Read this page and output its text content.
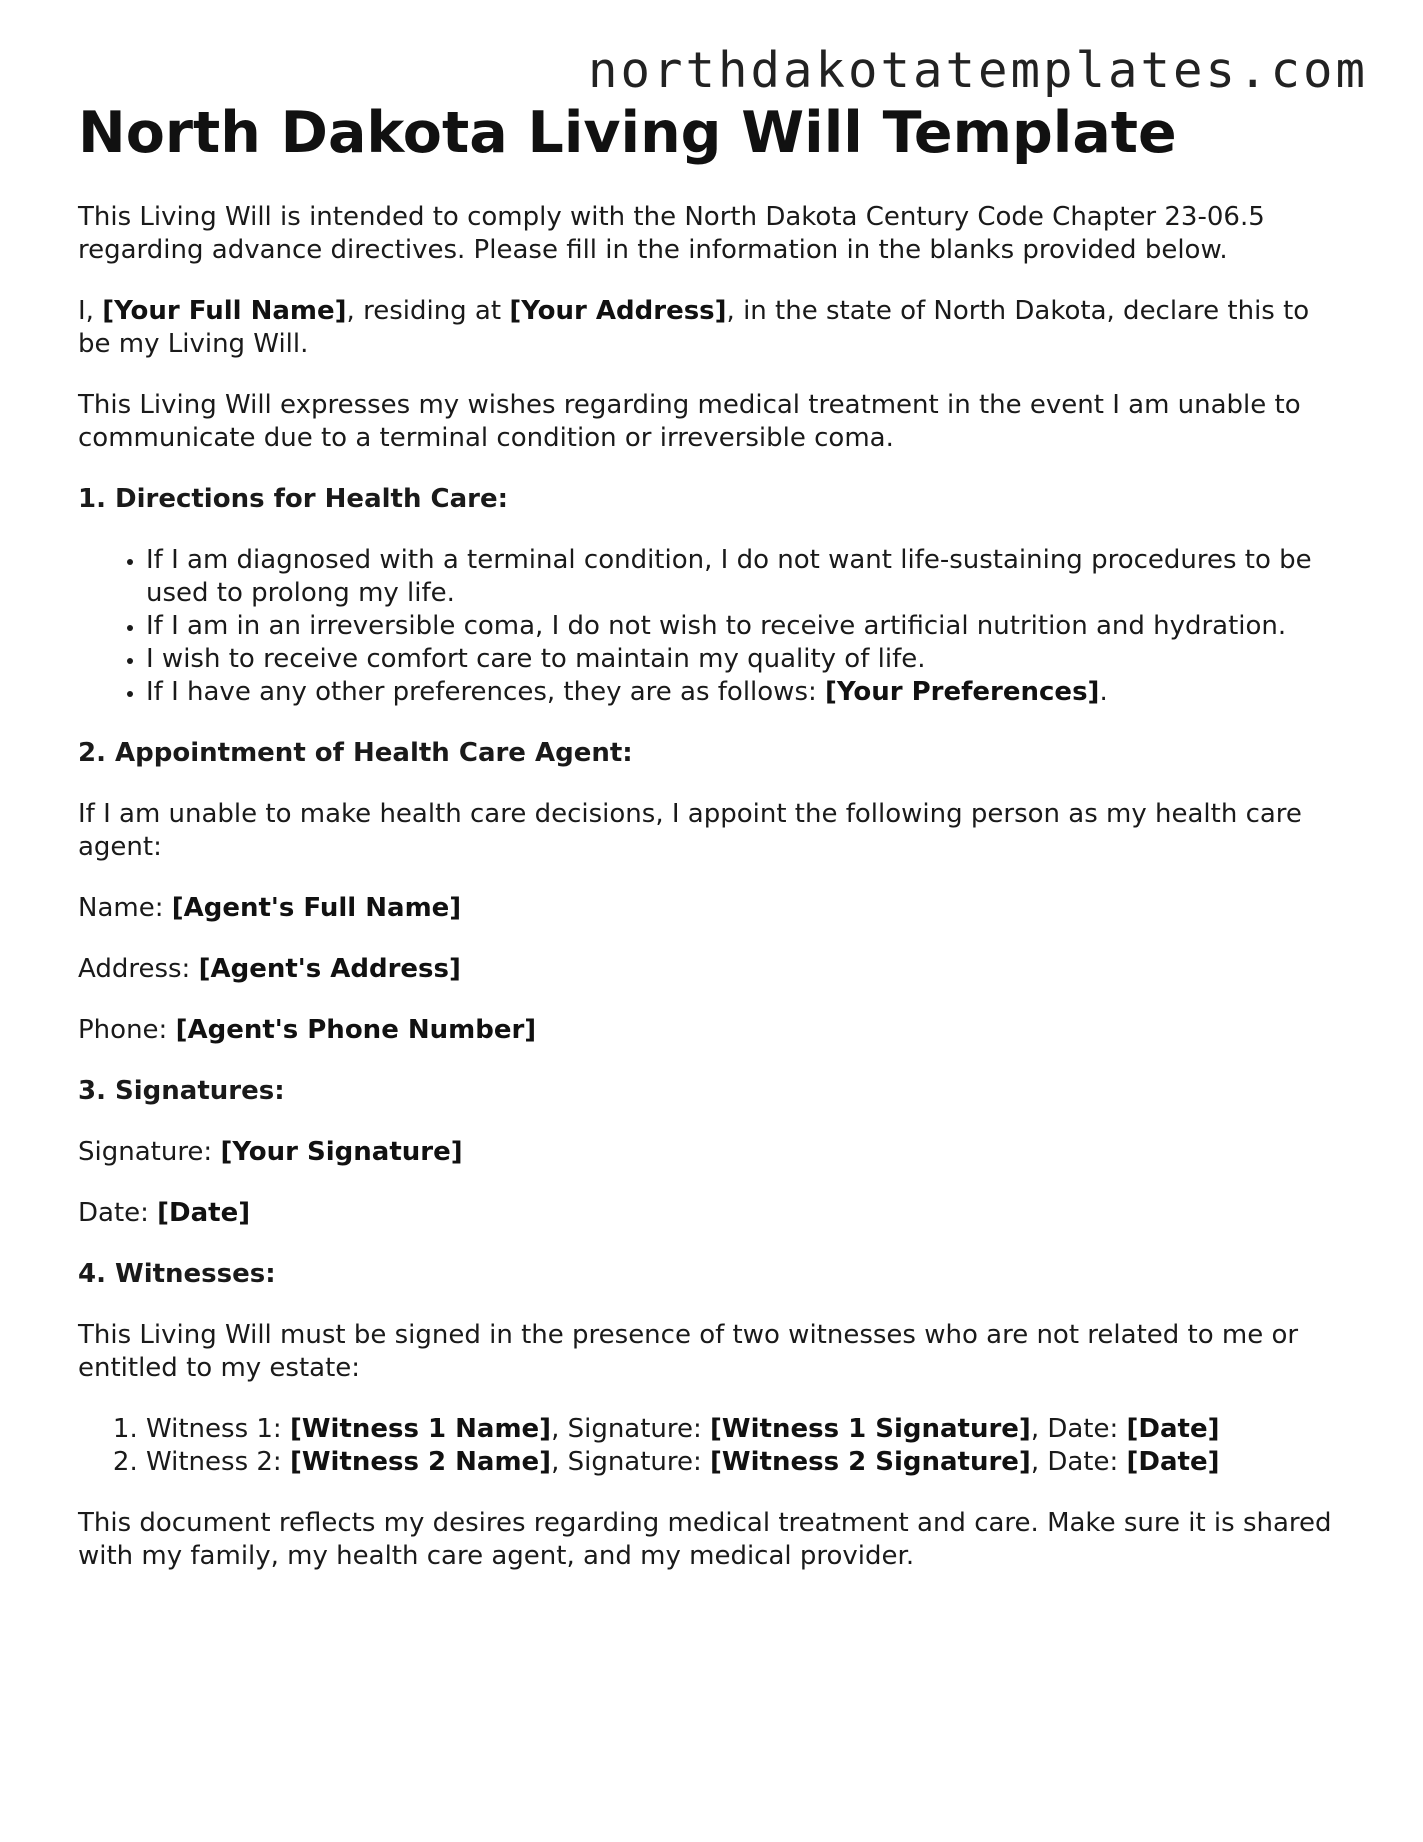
northdakotatemplates.com
North Dakota Living Will Template

This Living Will is intended to comply with the North Dakota Century Code Chapter 23-06.5 regarding advance directives. Please fill in the information in the blanks provided below.

I, [Your Full Name], residing at [Your Address], in the state of North Dakota, declare this to be my Living Will.

This Living Will expresses my wishes regarding medical treatment in the event I am unable to communicate due to a terminal condition or irreversible coma.

1. Directions for Health Care:
• If I am diagnosed with a terminal condition, I do not want life-sustaining procedures to be used to prolong my life.
• If I am in an irreversible coma, I do not wish to receive artificial nutrition and hydration.
• I wish to receive comfort care to maintain my quality of life.
• If I have any other preferences, they are as follows: [Your Preferences].
2. Appointment of Health Care Agent:

If I am unable to make health care decisions, I appoint the following person as my health care agent:

Name: [Agent's Full Name]

Address: [Agent's Address]

Phone: [Agent's Phone Number]

3. Signatures:

Signature: [Your Signature]

Date: [Date]

4. Witnesses:

This Living Will must be signed in the presence of two witnesses who are not related to me or entitled to my estate:

1. Witness 1: [Witness 1 Name], Signature: [Witness 1 Signature], Date: [Date]
2. Witness 2: [Witness 2 Name], Signature: [Witness 2 Signature], Date: [Date]

This document reflects my desires regarding medical treatment and care. Make sure it is shared with my family, my health care agent, and my medical provider.
